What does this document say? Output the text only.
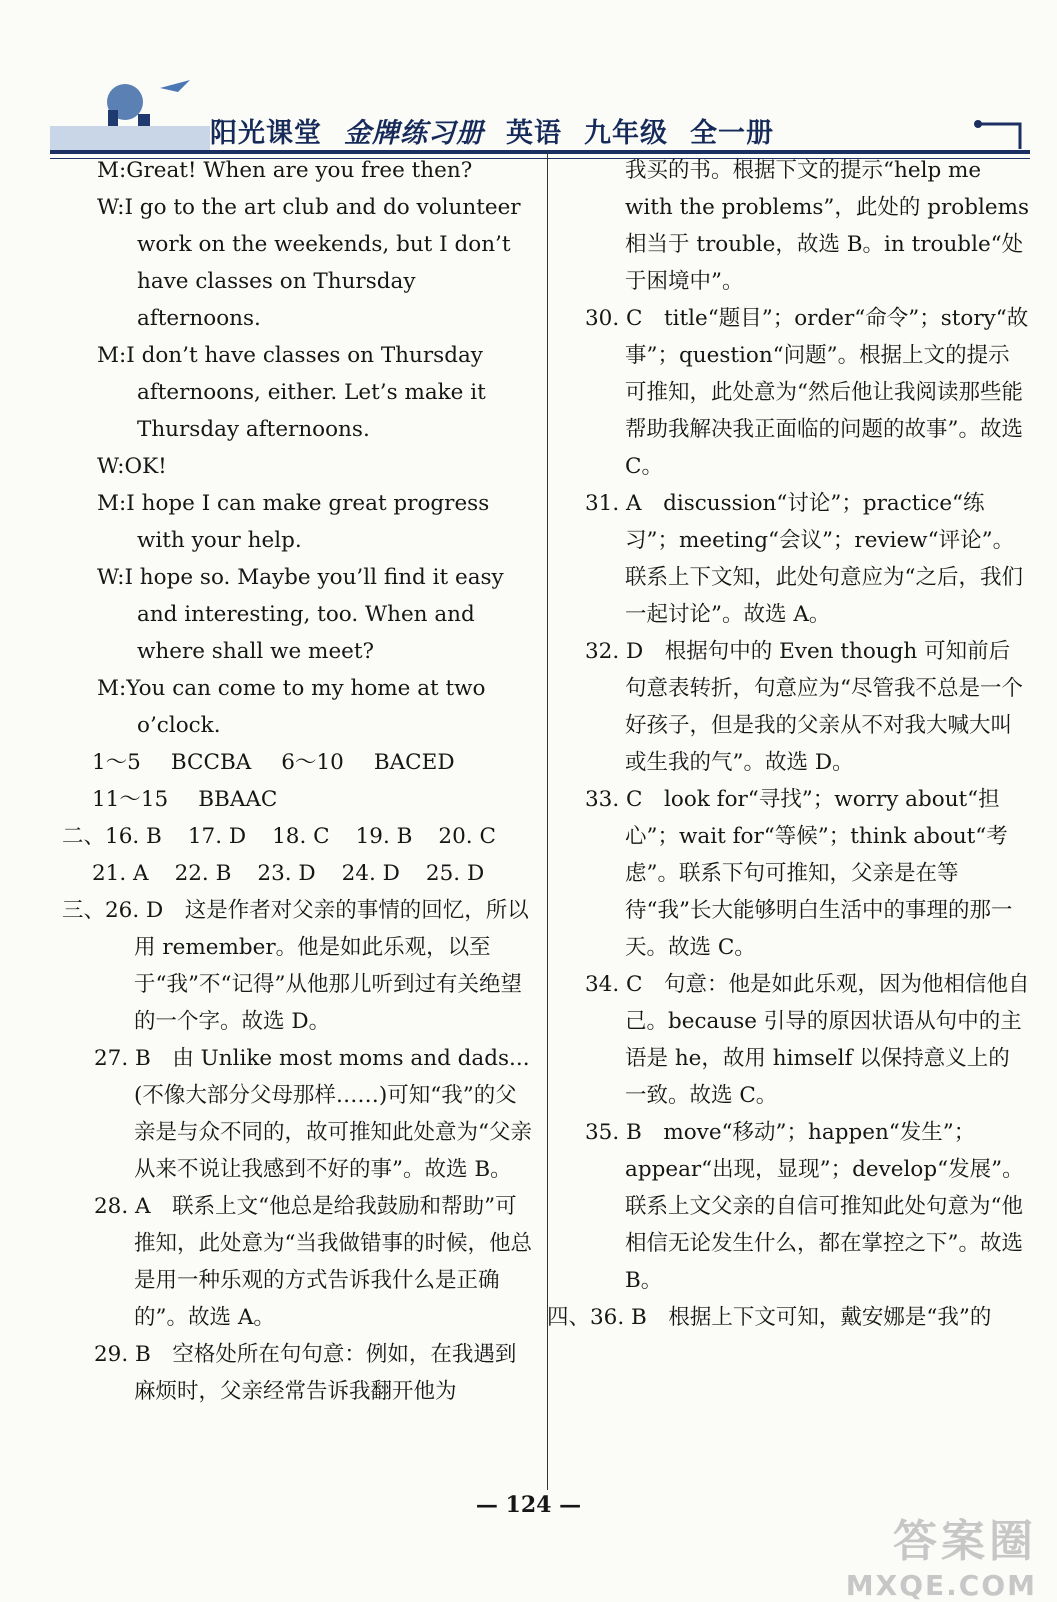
阳光课堂 金牌练习册 英语 九年级 全一册
M:Great! When are you free then?
W:I go to the art club and do volunteer work on the weekends, but I don’t have classes on Thursday afternoons.
M:I don’t have classes on Thursday afternoons, either. Let’s make it Thursday afternoons.
W:OK!
M:I hope I can make great progress with your help.
W:I hope so. Maybe you’ll find it easy and interesting, too. When and where shall we meet?
M:You can come to my home at two o’clock.
1～5 BCCBA 6～10 BACED
11～15 BBAAC
二、16. B 17. D 18. C 19. B 20. C
21. A 22. B 23. D 24. D 25. D
三、26. D　 这是作者对父亲的事情的回忆，所以用 remember。他是如此乐观，以至于“我”不“记得”从他那儿听到过有关绝望的一个字。故选 D。
27. B　 由 Unlike most moms and dads...(不像大部分父母那样……)可知“我”的父亲是与众不同的，故可推知此处意为“父亲从来不说让我感到不好的事”。故选 B。
28. A　 联系上文“他总是给我鼓励和帮助”可推知，此处意为“当我做错事的时候，他总是用一种乐观的方式告诉我什么是正确的”。故选 A。
29. B　 空格处所在句句意：例如，在我遇到麻烦时，父亲经常告诉我翻开他为
我买的书。根据下文的提示“help me with the problems”，此处的 problems 相当于 trouble，故选 B。in trouble“处于困境中”。
30. C　 title“题目”；order“命令”；story“故事”；question“问题”。根据上文的提示可推知，此处意为“然后他让我阅读那些能帮助我解决我正面临的问题的故事”。故选 C。
31. A　 discussion“讨论”；practice“练习”；meeting“会议”；review“评论”。联系上下文知，此处句意应为“之后，我们一起讨论”。故选 A。
32. D　 根据句中的 Even though 可知前后句意表转折，句意应为“尽管我不总是一个好孩子，但是我的父亲从不对我大喊大叫或生我的气”。故选 D。
33. C　 look for“寻找”；worry about“担心”；wait for“等候”；think about“考虑”。联系下句可推知，父亲是在等待“我”长大能够明白生活中的事理的那一天。故选 C。
34. C　 句意：他是如此乐观，因为他相信他自己。because 引导的原因状语从句中的主语是 he，故用 himself 以保持意义上的一致。故选 C。
35. B　 move“移动”；happen“发生”；appear“出现，显现”；develop“发展”。联系上文父亲的自信可推知此处句意为“他相信无论发生什么，都在掌控之下”。故选 B。
四、36. B　 根据上下文可知，戴安娜是“我”的
— 124 —
答案圈
MXQE.COM
